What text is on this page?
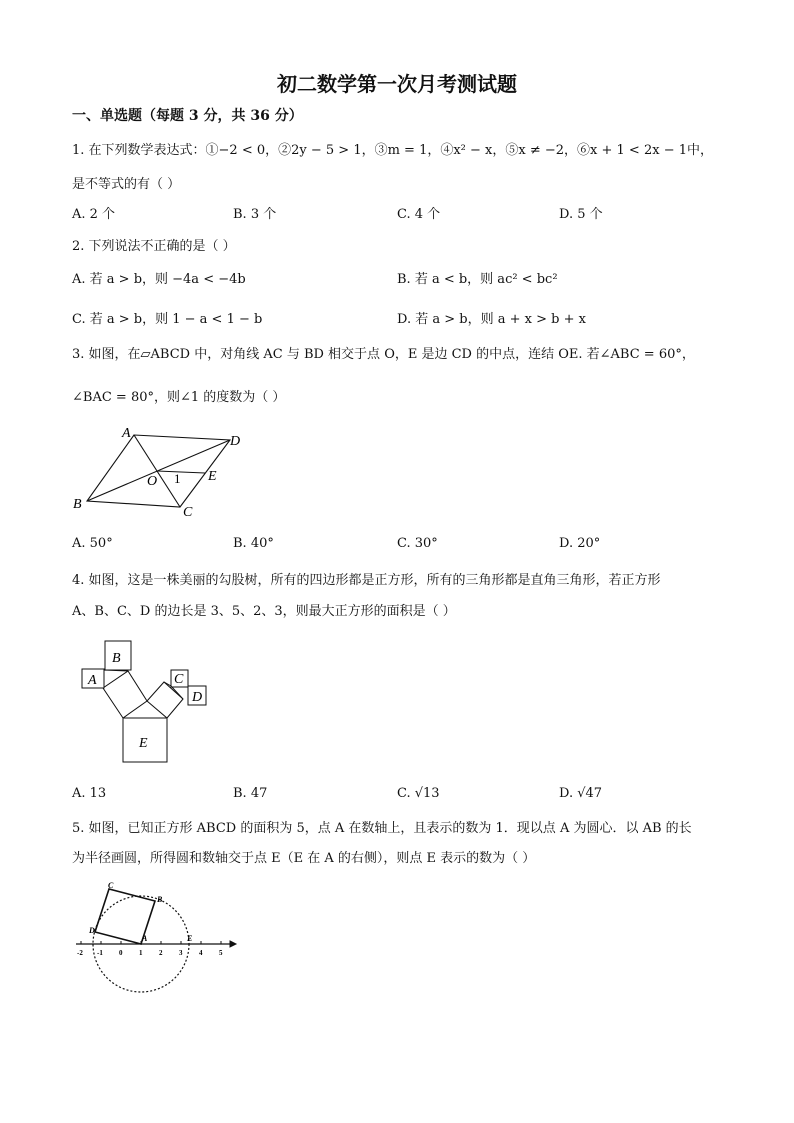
初二数学第一次月考测试题
一、单选题（每题 3 分，共 36 分）
1. 在下列数学表达式：①−2 < 0，②2y − 5 > 1，③m = 1，④x² − x，⑤x ≠ −2，⑥x + 1 < 2x − 1中，
是不等式的有（ ）
A. 2 个	B. 3 个	C. 4 个	D. 5 个
2. 下列说法不正确的是（ ）
A. 若 a > b，则 −4a < −4b	B. 若 a < b，则 ac² < bc²
C. 若 a > b，则 1 − a < 1 − b	D. 若 a > b，则 a + x > b + x
3. 如图，在▱ABCD 中，对角线 AC 与 BD 相交于点 O，E 是边 CD 的中点，连结 OE. 若∠ABC = 60°，
∠BAC = 80°，则∠1 的度数为（ ）
A
D
O 1 E
B
C
A. 50°	B. 40°	C. 30°	D. 20°
4. 如图，这是一株美丽的勾股树，所有的四边形都是正方形，所有的三角形都是直角三角形，若正方形
A、B、C、D 的边长是 3、5、2、3，则最大正方形的面积是（ ）
B
A	C
D
E
A. 13	B. 47	C. √13	D. √47
5. 如图，已知正方形 ABCD 的面积为 5，点 A 在数轴上，且表示的数为 1．现以点 A 为圆心．以 AB 的长
为半径画圆，所得圆和数轴交于点 E（E 在 A 的右侧），则点 E 表示的数为（ ）
-2 -1 0 1 2 3 4 5
C
B
D
A	E
